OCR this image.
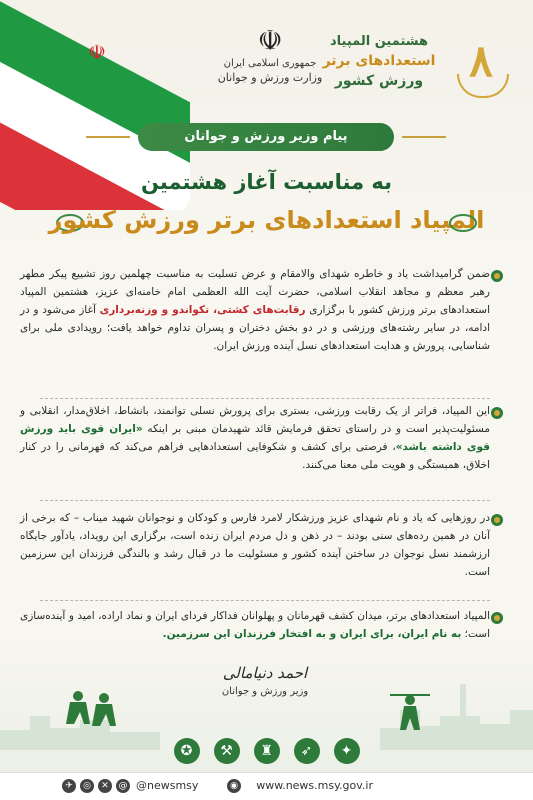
☫	☫
جمهوری اسلامی ایران
وزارت ورزش و جوانان
هشتمین المپیاد
استعدادهای برتر
ورزش کشور	۸
پیام وزیر ورزش و جوانان
به مناسبت آغاز هشتمین
المپیاد استعدادهای برتر ورزش کشور
ضمن گرامیداشت یاد و خاطره شهدای والامقام و عرض تسلیت به مناسبت چهلمین روز تشییع پیکر مطهر رهبر معظم و مجاهد انقلاب اسلامی، حضرت آیت الله العظمی امام خامنه‌ای عزیز، هشتمین المپیاد استعدادهای برتر ورزش کشور با برگزاری رقابت‌های کشتی، تکواندو و وزنه‌برداری آغاز می‌شود و در ادامه، در سایر رشته‌های ورزشی و در دو بخش دختران و پسران تداوم خواهد یافت؛ رویدادی ملی برای شناسایی، پرورش و هدایت استعدادهای نسل آینده ورزش ایران.
این المپیاد، فراتر از یک رقابت ورزشی، بستری برای پرورش نسلی توانمند، بانشاط، اخلاق‌مدار، انقلابی و مسئولیت‌پذیر است و در راستای تحقق فرمایش قائد شهیدمان مبنی بر اینکه «ایران قوی باید ورزش قوی داشته باشد»، فرصتی برای کشف و شکوفایی استعدادهایی فراهم می‌کند که قهرمانی را در کنار اخلاق، همبستگی و هویت ملی معنا می‌کنند.
در روزهایی که یاد و نام شهدای عزیز ورزشکار لامرد فارس و کودکان و نوجوانان شهید میناب – که برخی از آنان در همین رده‌های سنی بودند – در ذهن و دل مردم ایران زنده است، برگزاری این رویداد، یادآور جایگاه ارزشمند نسل نوجوان در ساختن آینده کشور و مسئولیت ما در قبال رشد و بالندگی فرزندان این سرزمین است.
المپیاد استعدادهای برتر، میدان کشف قهرمانان و پهلوانان فداکار فردای ایران و نماد اراده، امید و آینده‌سازی است؛ به نام ایران، برای ایران و به افتخار فرزندان این سرزمین.
احمد دنیامالی
وزیر ورزش و جوانان
✪	⚒	♜	➶	✦
✈	◎	✕	@ @newsmsy	◉ www.news.msy.gov.ir
